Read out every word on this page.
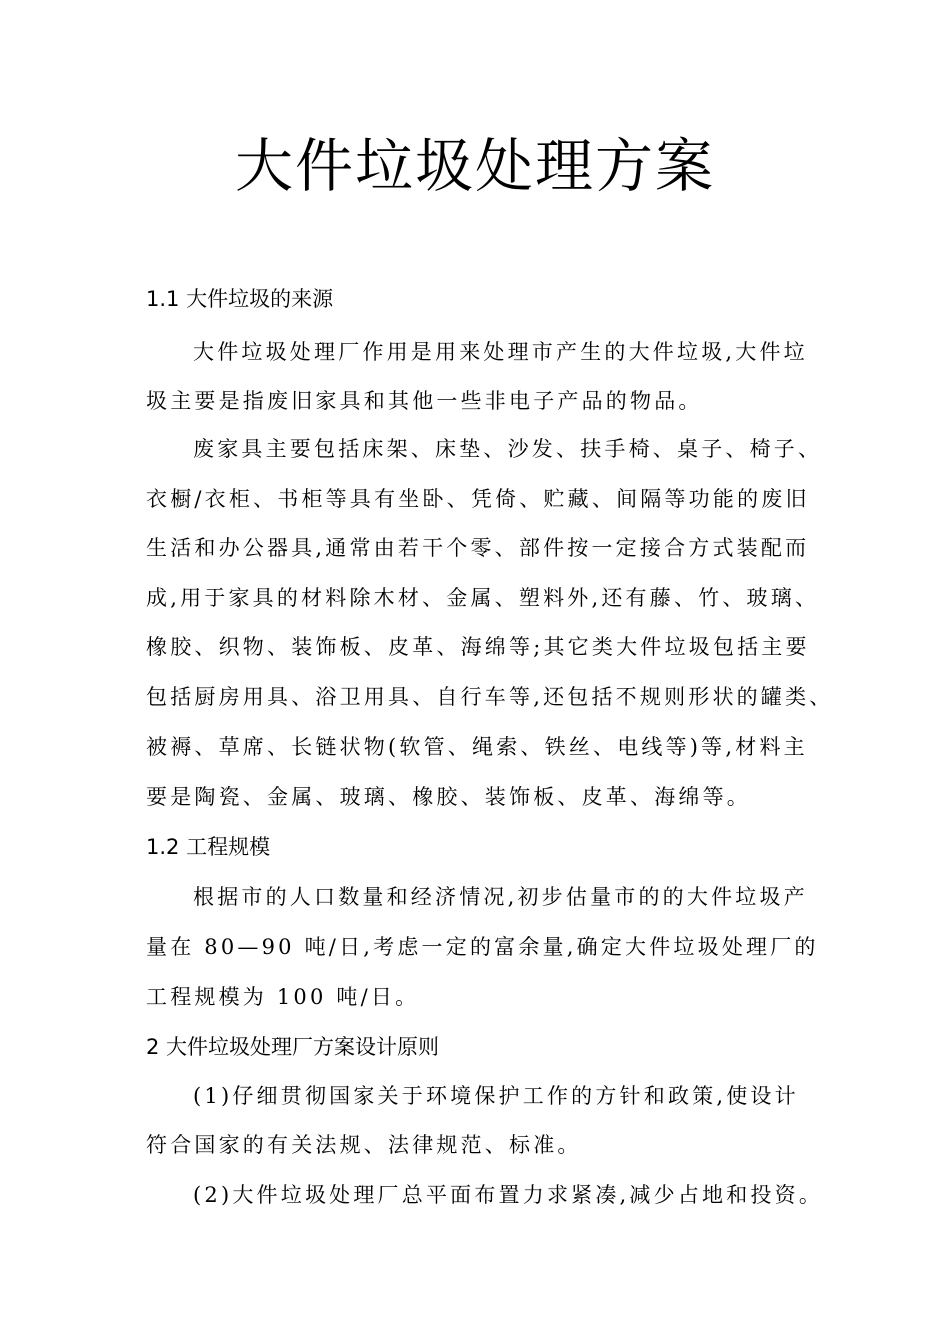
大件垃圾处理方案
1.1 大件垃圾的来源

大件垃圾处理厂作用是用来处理市产生的大件垃圾,大件垃

圾主要是指废旧家具和其他一些非电子产品的物品。

废家具主要包括床架、床垫、沙发、扶手椅、桌子、椅子、

衣橱/衣柜、书柜等具有坐卧、凭倚、贮藏、间隔等功能的废旧

生活和办公器具,通常由若干个零、部件按一定接合方式装配而

成,用于家具的材料除木材、金属、塑料外,还有藤、竹、玻璃、

橡胶、织物、装饰板、皮革、海绵等;其它类大件垃圾包括主要

包括厨房用具、浴卫用具、自行车等,还包括不规则形状的罐类、

被褥、草席、长链状物(软管、绳索、铁丝、电线等)等,材料主

要是陶瓷、金属、玻璃、橡胶、装饰板、皮革、海绵等。

1.2 工程规模

根据市的人口数量和经济情况,初步估量市的的大件垃圾产

量在 80—90 吨/日,考虑一定的富余量,确定大件垃圾处理厂的

工程规模为 100 吨/日。

2 大件垃圾处理厂方案设计原则

(1)仔细贯彻国家关于环境保护工作的方针和政策,使设计

符合国家的有关法规、法律规范、标准。

(2)大件垃圾处理厂总平面布置力求紧凑,减少占地和投资。
